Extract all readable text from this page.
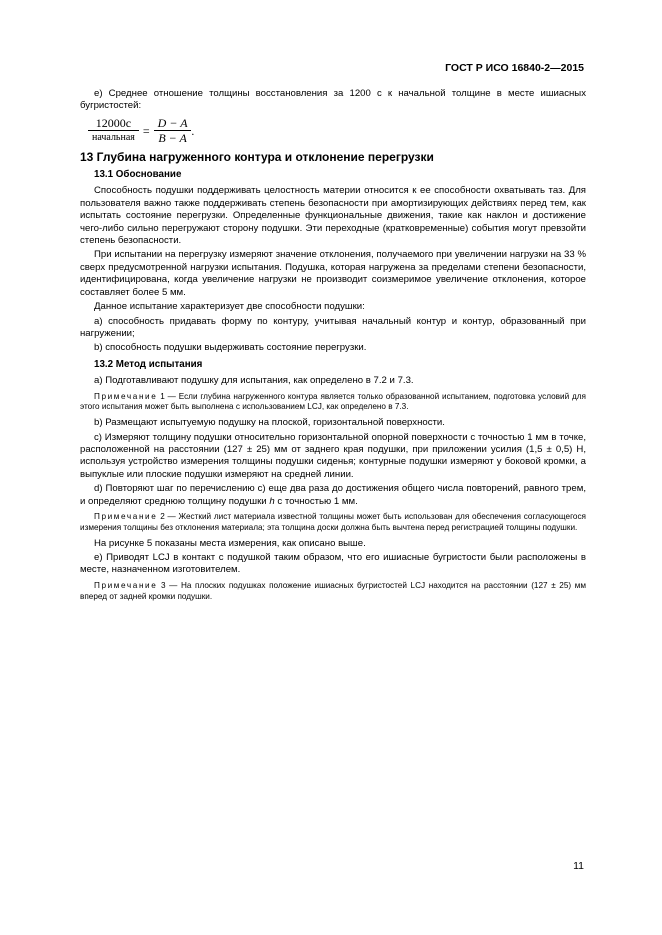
ГОСТ Р ИСО 16840-2—2015

e) Среднее отношение толщины восстановления за 1200 с к начальной толщине в месте ишиасных бугристостей:

$\frac{12000c}{\text{начальная}} = \frac{D - A}{B - A}$ .
13 Глубина нагруженного контура и отклонение перегрузки
13.1 Обоснование

Способность подушки поддерживать целостность материи относится к ее способности охватывать таз. Для пользователя важно также поддерживать степень безопасности при амортизирующих действиях перед тем, как испытать состояние перегрузки. Определенные функциональные движения, такие как наклон и достижение чего-либо сильно перегружают сторону подушки. Эти переходные (кратковременные) события могут превзойти степень безопасности.

При испытании на перегрузку измеряют значение отклонения, получаемого при увеличении нагрузки на 33 % сверх предусмотренной нагрузки испытания. Подушка, которая нагружена за пределами степени безопасности, идентифицирована, когда увеличение нагрузки не производит соизмеримое увеличение отклонения, которое составляет более 5 мм.

Данное испытание характеризует две способности подушки:

a) способность придавать форму по контуру, учитывая начальный контур и контур, образованный при нагружении;

b) способность подушки выдерживать состояние перегрузки.

13.2 Метод испытания

a) Подготавливают подушку для испытания, как определено в 7.2 и 7.3.

Примечание 1 — Если глубина нагруженного контура является только образованной испытанием, подготовка условий для этого испытания может быть выполнена с использованием LCJ, как определено в 7.3.

b) Размещают испытуемую подушку на плоской, горизонтальной поверхности.

c) Измеряют толщину подушки относительно горизонтальной опорной поверхности с точностью 1 мм в точке, расположенной на расстоянии (127 ± 25) мм от заднего края подушки, при приложении усилия (1,5 ± 0,5) Н, используя устройство измерения толщины подушки сиденья; контурные подушки измеряют у боковой кромки, а выпуклые или плоские подушки измеряют на средней линии.

d) Повторяют шаг по перечислению c) еще два раза до достижения общего числа повторений, равного трем, и определяют среднюю толщину подушки h с точностью 1 мм.

Примечание 2 — Жесткий лист материала известной толщины может быть использован для обеспечения согласующегося измерения толщины без отклонения материала; эта толщина доски должна быть вычтена перед регистрацией толщины подушки.

На рисунке 5 показаны места измерения, как описано выше.

e) Приводят LCJ в контакт с подушкой таким образом, что его ишиасные бугристости были расположены в месте, назначенном изготовителем.

Примечание 3 — На плоских подушках положение ишиасных бугристостей LCJ находится на расстоянии (127 ± 25) мм вперед от задней кромки подушки.
11
